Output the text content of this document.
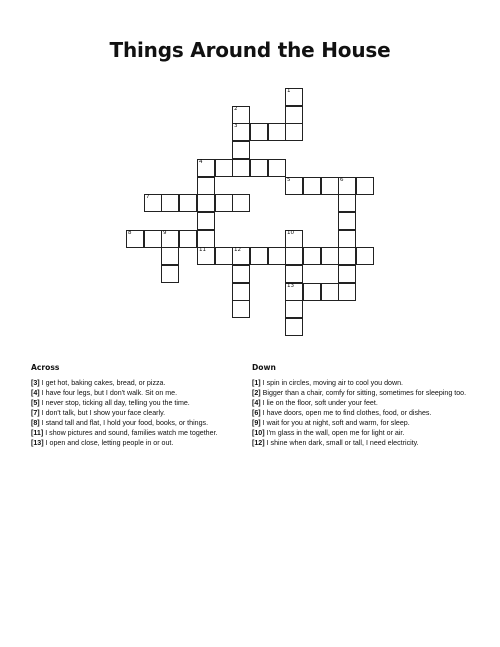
Things Around the House
1
2
3
4
5	6
7
8	9	10
11	12
13
Across
[3] I get hot, baking cakes, bread, or pizza.
[4] I have four legs, but I don't walk. Sit on me.
[5] I never stop, ticking all day, telling you the time.
[7] I don't talk, but I show your face clearly.
[8] I stand tall and flat, I hold your food, books, or things.
[11] I show pictures and sound, families watch me together.
[13] I open and close, letting people in or out.
Down
[1] I spin in circles, moving air to cool you down.
[2] Bigger than a chair, comfy for sitting, sometimes for sleeping too.
[4] I lie on the floor, soft under your feet.
[6] I have doors, open me to find clothes, food, or dishes.
[9] I wait for you at night, soft and warm, for sleep.
[10] I'm glass in the wall, open me for light or air.
[12] I shine when dark, small or tall, I need electricity.
